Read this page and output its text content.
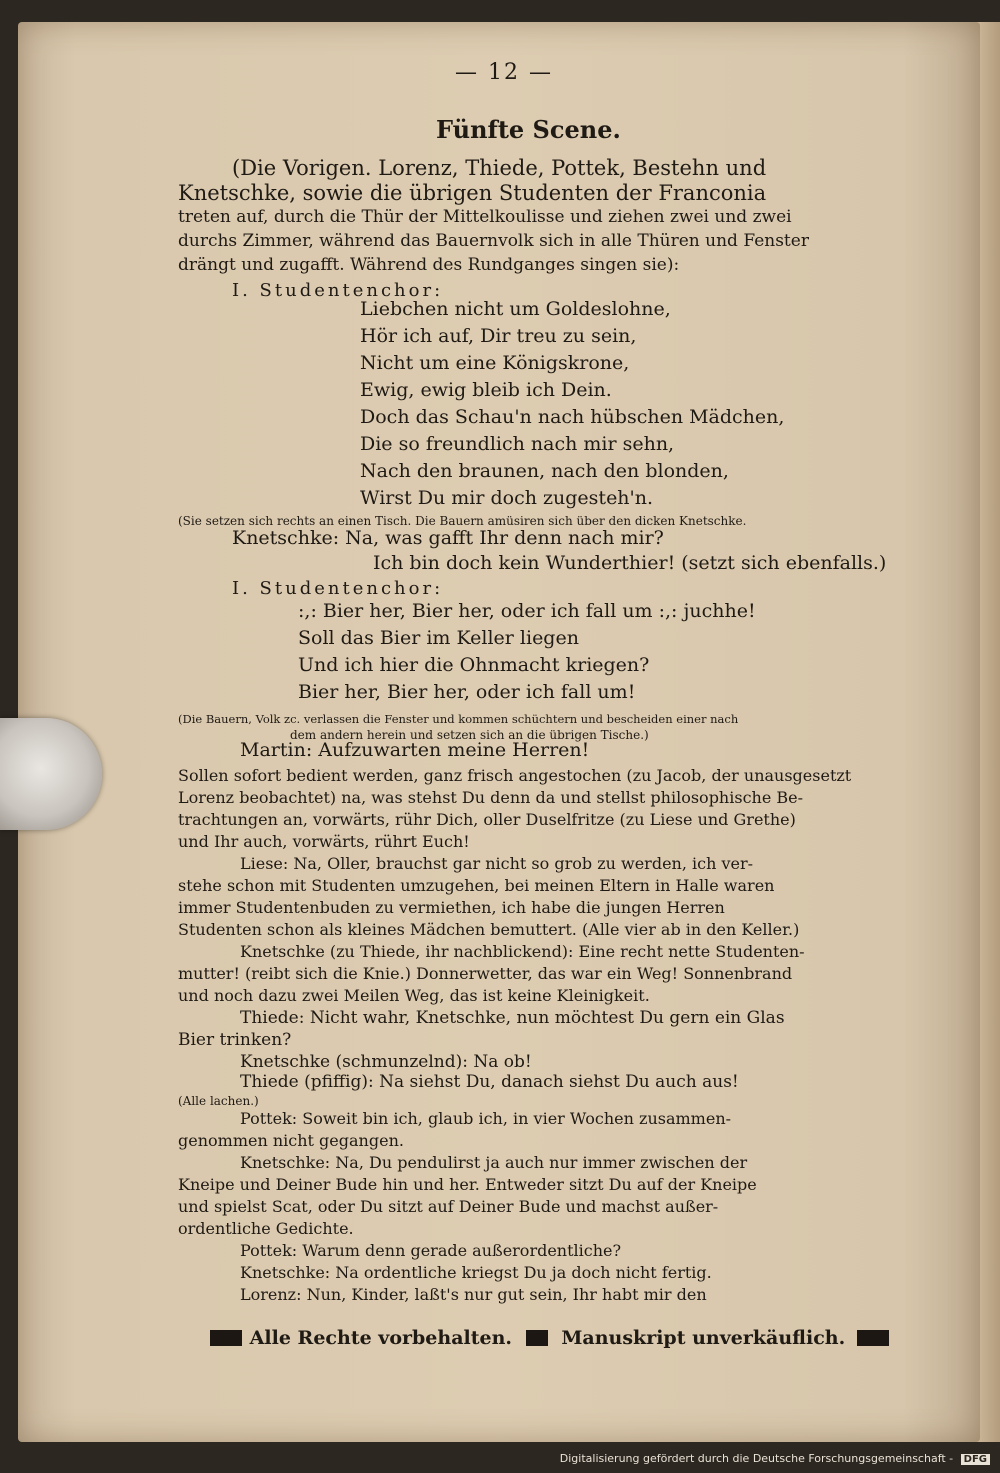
— 12 —
Fünfte Scene.
(Die Vorigen. Lorenz, Thiede, Pottek, Bestehn und
Knetschke, sowie die übrigen Studenten der Franconia
treten auf, durch die Thür der Mittelkoulisse und ziehen zwei und zwei
durchs Zimmer, während das Bauernvolk sich in alle Thüren und Fenster
drängt und zugafft. Während des Rundganges singen sie):
I. Studentenchor:
Liebchen nicht um Goldeslohne,
Hör ich auf, Dir treu zu sein,
Nicht um eine Königskrone,
Ewig, ewig bleib ich Dein.
Doch das Schau'n nach hübschen Mädchen,
Die so freundlich nach mir sehn,
Nach den braunen, nach den blonden,
Wirst Du mir doch zugesteh'n.
(Sie setzen sich rechts an einen Tisch. Die Bauern amüsiren sich über den dicken Knetschke.
Knetschke: Na, was gafft Ihr denn nach mir?
Ich bin doch kein Wunderthier! (setzt sich ebenfalls.)
I. Studentenchor:
:,: Bier her, Bier her, oder ich fall um :,: juchhe!
Soll das Bier im Keller liegen
Und ich hier die Ohnmacht kriegen?
Bier her, Bier her, oder ich fall um!
(Die Bauern, Volk zc. verlassen die Fenster und kommen schüchtern und bescheiden einer nach
dem andern herein und setzen sich an die übrigen Tische.)
Martin: Aufzuwarten meine Herren!
Sollen sofort bedient werden, ganz frisch angestochen (zu Jacob, der unausgesetzt
Lorenz beobachtet) na, was stehst Du denn da und stellst philosophische Be-
trachtungen an, vorwärts, rühr Dich, oller Duselfritze (zu Liese und Grethe)
und Ihr auch, vorwärts, rührt Euch!
Liese: Na, Oller, brauchst gar nicht so grob zu werden, ich ver-
stehe schon mit Studenten umzugehen, bei meinen Eltern in Halle waren
immer Studentenbuden zu vermiethen, ich habe die jungen Herren
Studenten schon als kleines Mädchen bemuttert. (Alle vier ab in den Keller.)
Knetschke (zu Thiede, ihr nachblickend): Eine recht nette Studenten-
mutter! (reibt sich die Knie.) Donnerwetter, das war ein Weg! Sonnenbrand
und noch dazu zwei Meilen Weg, das ist keine Kleinigkeit.
Thiede: Nicht wahr, Knetschke, nun möchtest Du gern ein Glas
Bier trinken?
Knetschke (schmunzelnd): Na ob!
Thiede (pfiffig): Na siehst Du, danach siehst Du auch aus!
(Alle lachen.)
Pottek: Soweit bin ich, glaub ich, in vier Wochen zusammen-
genommen nicht gegangen.
Knetschke: Na, Du pendulirst ja auch nur immer zwischen der
Kneipe und Deiner Bude hin und her. Entweder sitzt Du auf der Kneipe
und spielst Scat, oder Du sitzt auf Deiner Bude und machst außer-
ordentliche Gedichte.
Pottek: Warum denn gerade außerordentliche?
Knetschke: Na ordentliche kriegst Du ja doch nicht fertig.
Lorenz: Nun, Kinder, laßt's nur gut sein, Ihr habt mir den
Alle Rechte vorbehalten.	Manuskript unverkäuflich.
Digitalisierung gefördert durch die Deutsche Forschungsgemeinschaft - DFG
